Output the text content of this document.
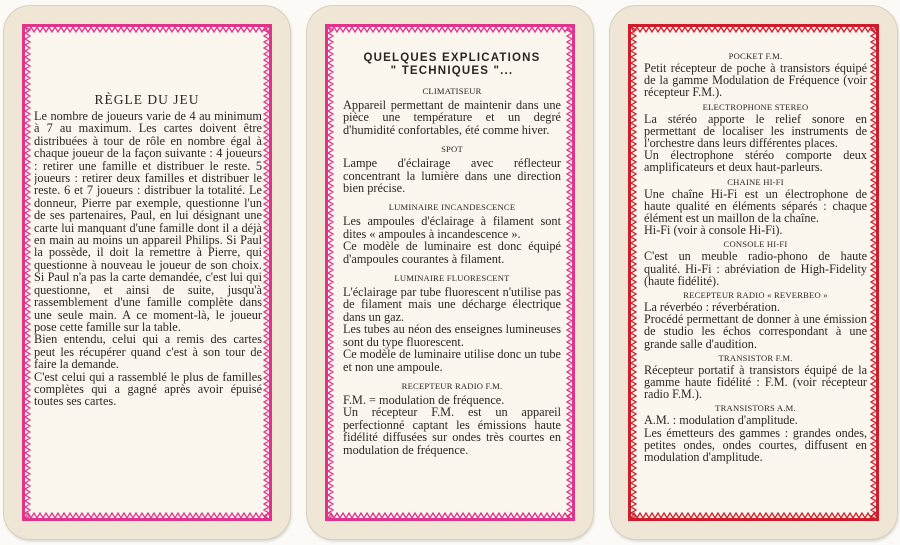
RÈGLE DU JEU

Le nombre de joueurs varie de 4 au minimum à 7 au maximum. Les cartes doivent être distribuées à tour de rôle en nombre égal à chaque joueur de la façon suivante : 4 joueurs : retirer une famille et distribuer le reste. 5 joueurs : retirer deux familles et distribuer le reste. 6 et 7 joueurs : distribuer la totalité. Le donneur, Pierre par exemple, questionne l'un de ses partenaires, Paul, en lui désignant une carte lui manquant d'une famille dont il a déjà en main au moins un appareil Philips. Si Paul la possède, il doit la remettre à Pierre, qui questionne à nouveau le joueur de son choix. Si Paul n'a pas la carte demandée, c'est lui qui questionne, et ainsi de suite, jusqu'à rassemblement d'une famille complète dans une seule main. A ce moment-là, le joueur pose cette famille sur la table.

Bien entendu, celui qui a remis des cartes peut les récupérer quand c'est à son tour de faire la demande.

C'est celui qui a rassemblé le plus de familles complètes qui a gagné après avoir épuisé toutes ses cartes.

QUELQUES EXPLICATIONS
" TECHNIQUES "...
CLIMATISEUR
Appareil permettant de maintenir dans une pièce une température et un degré d'humidité confortables, été comme hiver.
SPOT
Lampe d'éclairage avec réflecteur concentrant la lumière dans une direction bien précise.
LUMINAIRE INCANDESCENCE
Les ampoules d'éclairage à filament sont dites « ampoules à incandescence ».
Ce modèle de luminaire est donc équipé d'ampoules courantes à filament.
LUMINAIRE FLUORESCENT
L'éclairage par tube fluorescent n'utilise pas de filament mais une décharge électrique dans un gaz.
Les tubes au néon des enseignes lumineuses sont du type fluorescent.
Ce modèle de luminaire utilise donc un tube et non une ampoule.
RECEPTEUR RADIO F.M.
F.M. = modulation de fréquence.
Un récepteur F.M. est un appareil perfectionné captant les émissions haute fidélité diffusées sur ondes très courtes en modulation de fréquence.
POCKET F.M.
Petit récepteur de poche à transistors équipé de la gamme Modulation de Fréquence (voir récepteur F.M.).
ELECTROPHONE STEREO
La stéréo apporte le relief sonore en permettant de localiser les instruments de l'orchestre dans leurs différentes places.
Un électrophone stéréo comporte deux amplificateurs et deux haut-parleurs.
CHAINE HI-FI
Une chaîne Hi-Fi est un électrophone de haute qualité en éléments séparés : chaque élément est un maillon de la chaîne.
Hi-Fi (voir à console Hi-Fi).
CONSOLE HI-FI
C'est un meuble radio-phono de haute qualité. Hi-Fi : abréviation de High-Fidelity (haute fidélité).
RECEPTEUR RADIO « REVERBEO »
La réverbéo : réverbération.
Procédé permettant de donner à une émission de studio les échos correspondant à une grande salle d'audition.
TRANSISTOR F.M.
Récepteur portatif à transistors équipé de la gamme haute fidélité : F.M. (voir récepteur radio F.M.).
TRANSISTORS A.M.
A.M. : modulation d'amplitude.
Les émetteurs des gammes : grandes ondes, petites ondes, ondes courtes, diffusent en modulation d'amplitude.
